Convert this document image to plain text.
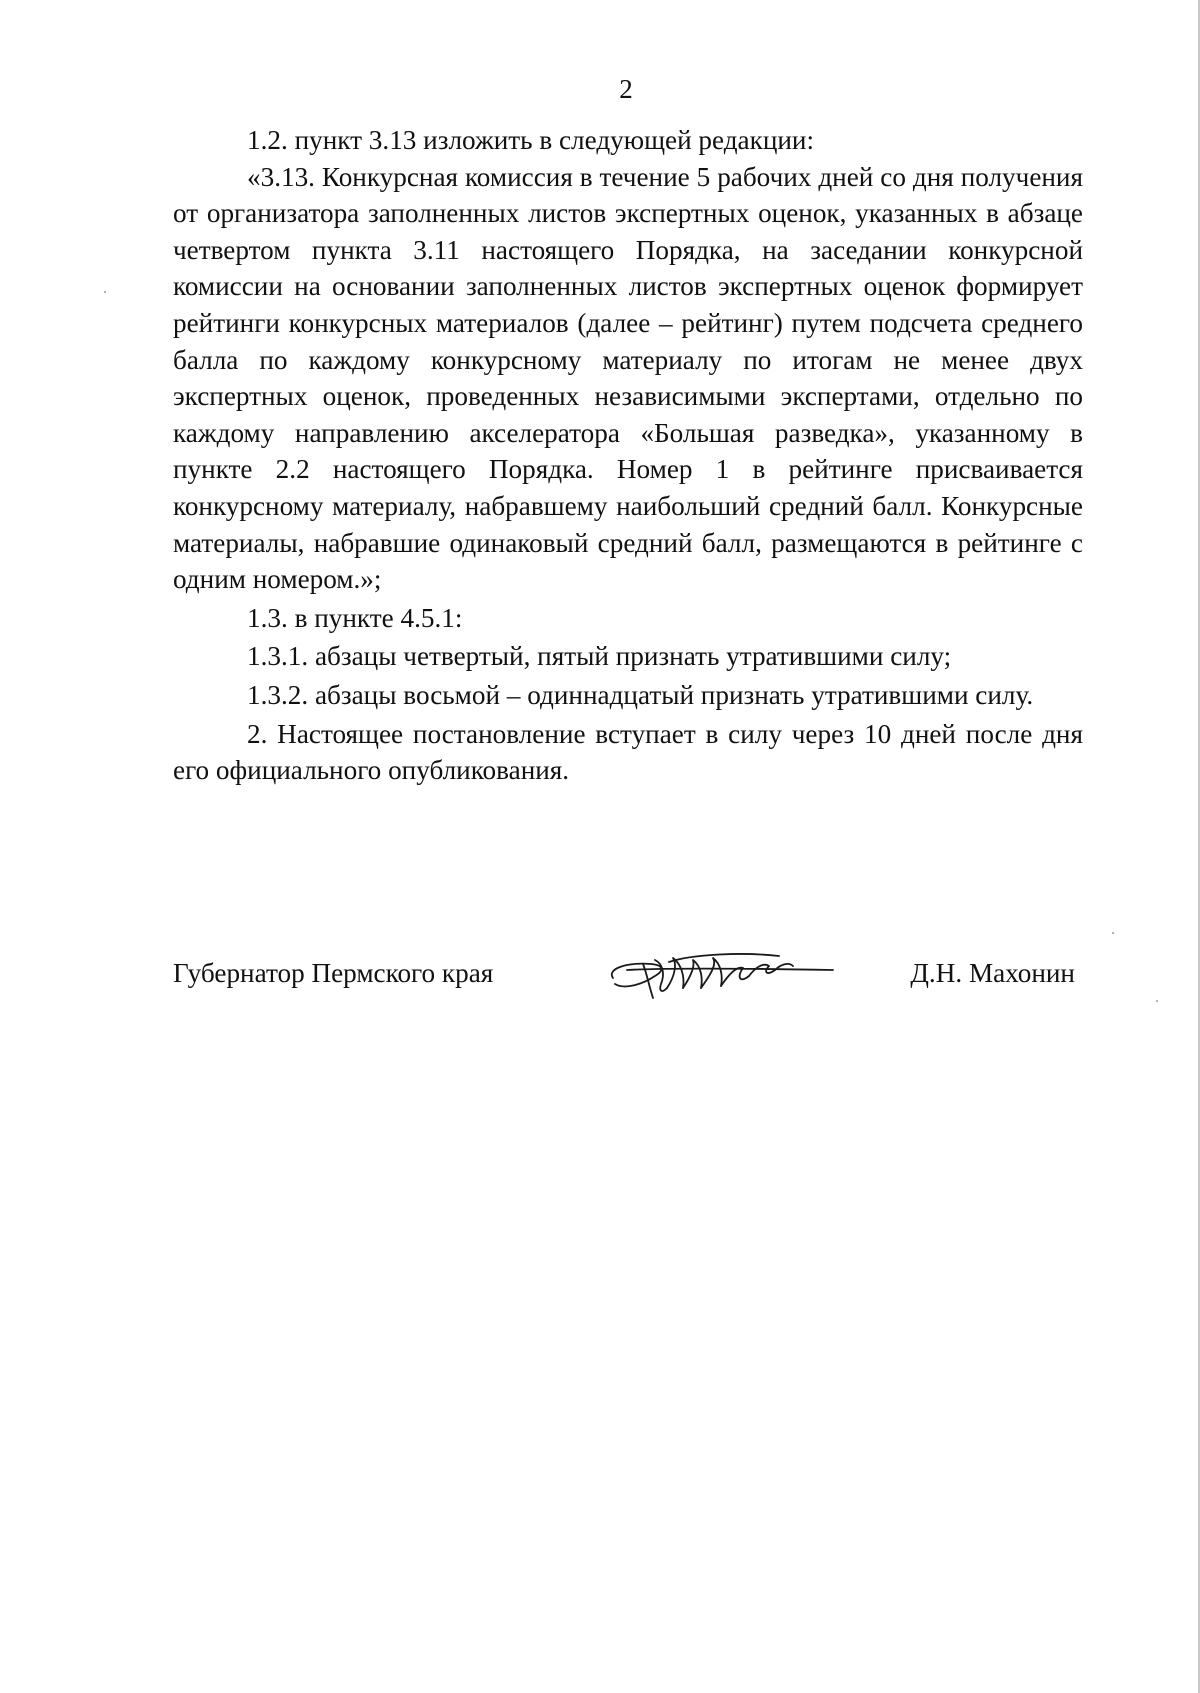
2

1.2. пункт 3.13 изложить в следующей редакции:

«3.13. Конкурсная комиссия в течение 5 рабочих дней со дня получения от организатора заполненных листов экспертных оценок, указанных в абзаце четвертом пункта 3.11 настоящего Порядка, на заседании конкурсной комиссии на основании заполненных листов экспертных оценок формирует рейтинги конкурсных материалов (далее – рейтинг) путем подсчета среднего балла по каждому конкурсному материалу по итогам не менее двух экспертных оценок, проведенных независимыми экспертами, отдельно по каждому направлению акселератора «Большая разведка», указанному в пункте 2.2 настоящего Порядка. Номер 1 в рейтинге присваивается конкурсному материалу, набравшему наибольший средний балл. Конкурсные материалы, набравшие одинаковый средний балл, размещаются в рейтинге с одним номером.»;

1.3. в пункте 4.5.1:

1.3.1. абзацы четвертый, пятый признать утратившими силу;

1.3.2. абзацы восьмой – одиннадцатый признать утратившими силу.

2. Настоящее постановление вступает в силу через 10 дней после дня его официального опубликования.

Губернатор Пермского края	Д.Н. Махонин
